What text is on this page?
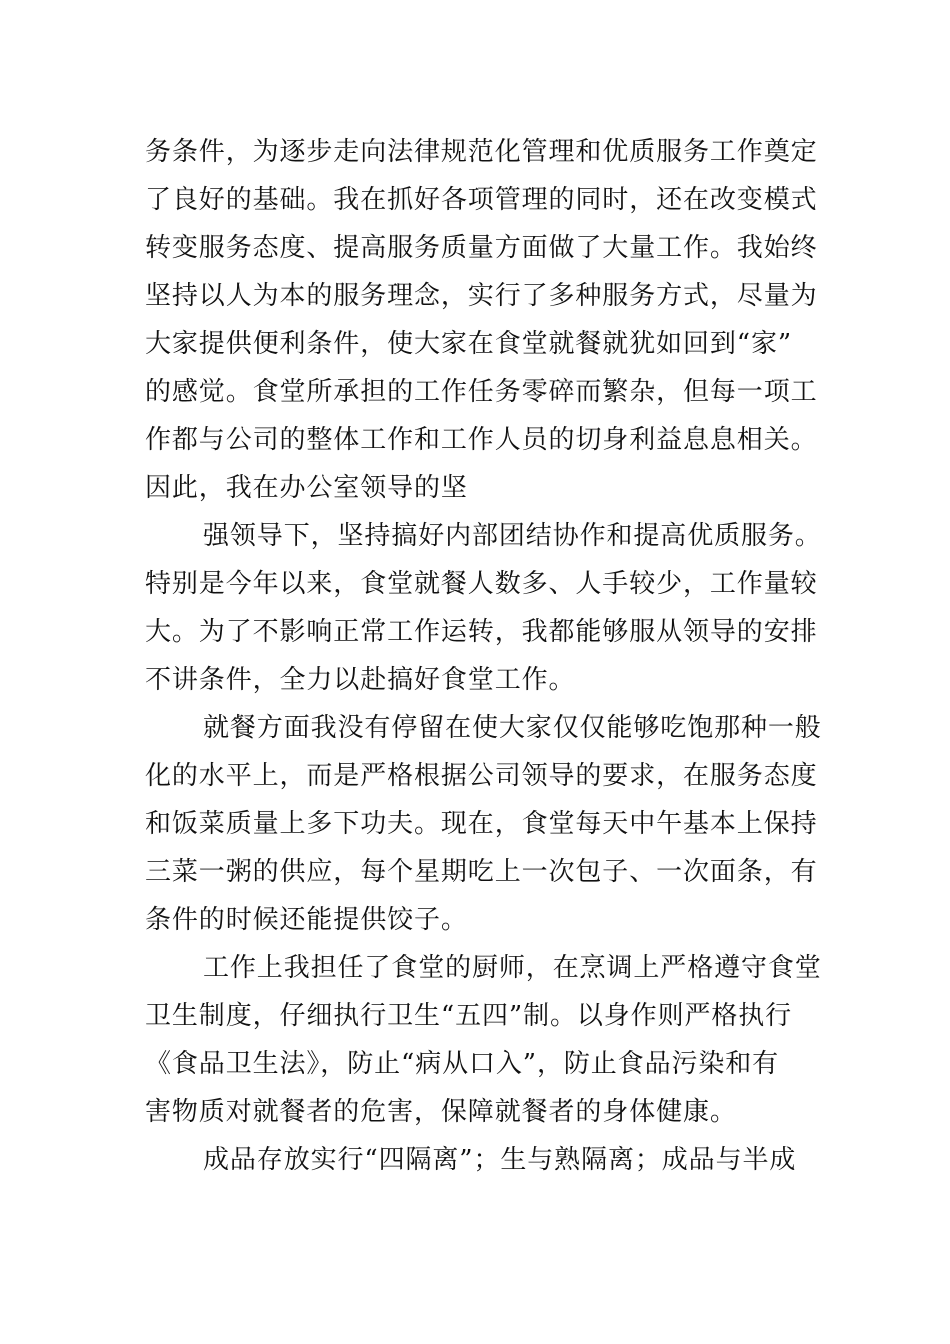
务条件，为逐步走向法律规范化管理和优质服务工作奠定
了良好的基础。我在抓好各项管理的同时，还在改变模式
转变服务态度、提高服务质量方面做了大量工作。我始终
坚持以人为本的服务理念，实行了多种服务方式，尽量为
大家提供便利条件，使大家在食堂就餐就犹如回到“家”
的感觉。食堂所承担的工作任务零碎而繁杂，但每一项工
作都与公司的整体工作和工作人员的切身利益息息相关。
因此，我在办公室领导的坚
强领导下，坚持搞好内部团结协作和提高优质服务。
特别是今年以来，食堂就餐人数多、人手较少，工作量较
大。为了不影响正常工作运转，我都能够服从领导的安排
不讲条件，全力以赴搞好食堂工作。
就餐方面我没有停留在使大家仅仅能够吃饱那种一般
化的水平上，而是严格根据公司领导的要求，在服务态度
和饭菜质量上多下功夫。现在，食堂每天中午基本上保持
三菜一粥的供应，每个星期吃上一次包子、一次面条，有
条件的时候还能提供饺子。
工作上我担任了食堂的厨师，在烹调上严格遵守食堂
卫生制度，仔细执行卫生“五四”制。以身作则严格执行
《食品卫生法》，防止“病从口入”，防止食品污染和有
害物质对就餐者的危害，保障就餐者的身体健康。
成品存放实行“四隔离”；生与熟隔离；成品与半成
